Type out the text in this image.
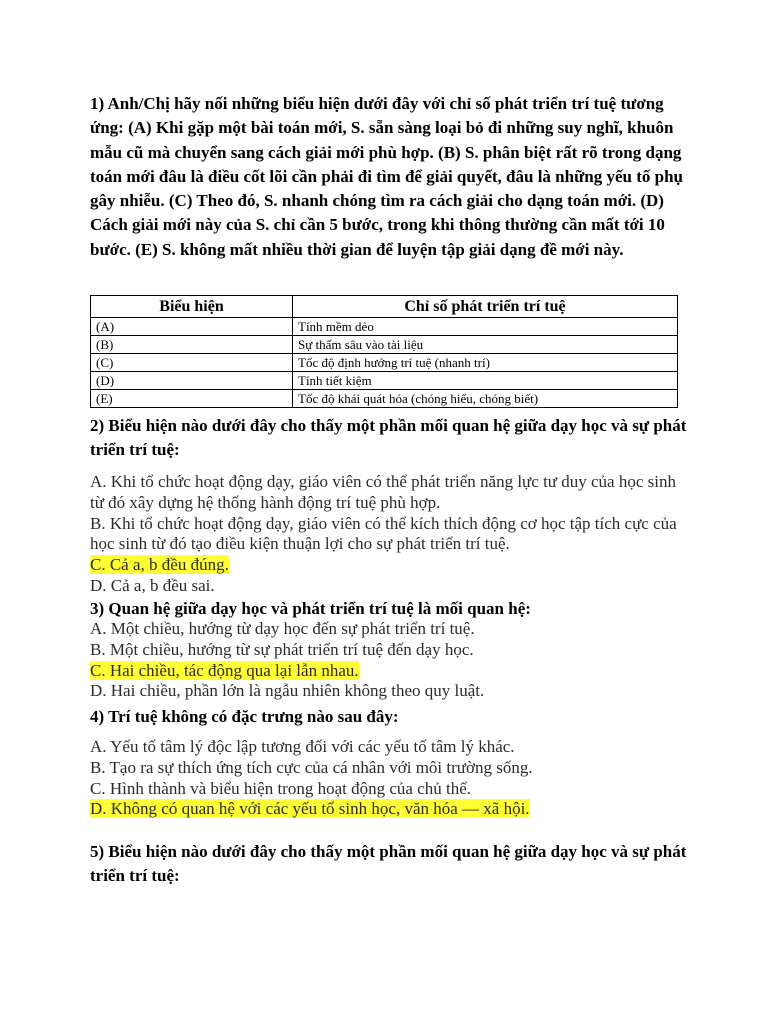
1) Anh/Chị hãy nối những biểu hiện dưới đây với chỉ số phát triển trí tuệ tương ứng: (A) Khi gặp một bài toán mới, S. sẵn sàng loại bỏ đi những suy nghĩ, khuôn mẫu cũ mà chuyển sang cách giải mới phù hợp. (B) S. phân biệt rất rõ trong dạng toán mới đâu là điều cốt lõi cần phải đi tìm để giải quyết, đâu là những yếu tố phụ gây nhiễu. (C) Theo đó, S. nhanh chóng tìm ra cách giải cho dạng toán mới. (D) Cách giải mới này của S. chỉ cần 5 bước, trong khi thông thường cần mất tới 10 bước. (E) S. không mất nhiều thời gian để luyện tập giải dạng đề mới này.
Biểu hiện	Chỉ số phát triển trí tuệ
(A)	Tính mềm dẻo
(B)	Sự thấm sâu vào tài liệu
(C)	Tốc độ định hướng trí tuệ (nhanh trí)
(D)	Tính tiết kiệm
(E)	Tốc độ khái quát hóa (chóng hiểu, chóng biết)
2) Biểu hiện nào dưới đây cho thấy một phần mối quan hệ giữa dạy học và sự phát triển trí tuệ:

A. Khi tổ chức hoạt động dạy, giáo viên có thể phát triển năng lực tư duy của học sinh từ đó xây dựng hệ thống hành động trí tuệ phù hợp.

B. Khi tổ chức hoạt động dạy, giáo viên có thể kích thích động cơ học tập tích cực của học sinh từ đó tạo điều kiện thuận lợi cho sự phát triển trí tuệ.

C. Cả a, b đều đúng.

D. Cả a, b đều sai.

3) Quan hệ giữa dạy học và phát triển trí tuệ là mối quan hệ:

A. Một chiều, hướng từ dạy học đến sự phát triển trí tuệ.

B. Một chiều, hướng từ sự phát triển trí tuệ đến dạy học.

C. Hai chiều, tác động qua lại lẫn nhau.

D. Hai chiều, phần lớn là ngẫu nhiên không theo quy luật.

4) Trí tuệ không có đặc trưng nào sau đây:

A. Yếu tố tâm lý độc lập tương đối với các yếu tố tâm lý khác.

B. Tạo ra sự thích ứng tích cực của cá nhân với môi trường sống.

C. Hình thành và biểu hiện trong hoạt động của chủ thể.

D. Không có quan hệ với các yếu tố sinh học, văn hóa — xã hội.

5) Biểu hiện nào dưới đây cho thấy một phần mối quan hệ giữa dạy học và sự phát triển trí tuệ:
